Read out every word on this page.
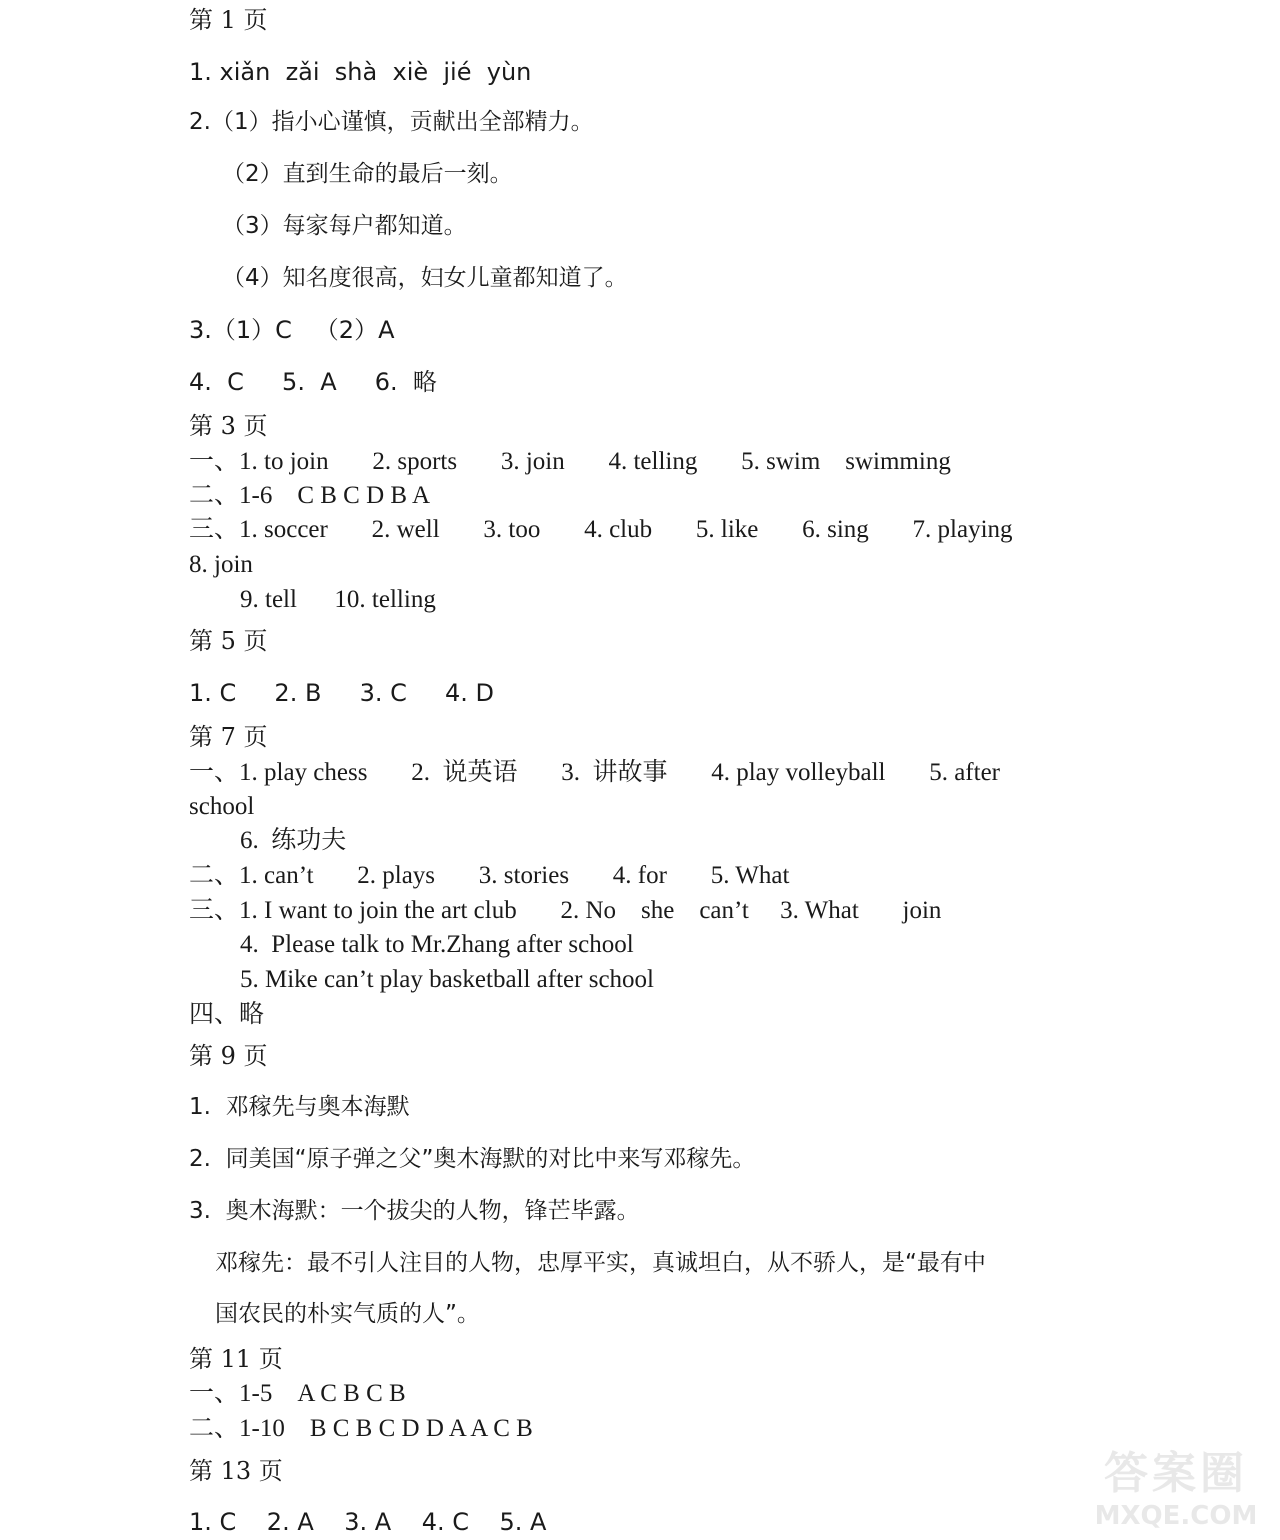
第 1 页
1. xiǎn  zǎi  shà  xiè  jié  yùn
2.（1）指小心谨慎，贡献出全部精力。
（2）直到生命的最后一刻。
（3）每家每户都知道。
（4）知名度很高，妇女儿童都知道了。
3.（1）C   （2）A
4.  C     5.  A     6.  略
第 3 页
一、1. to join       2. sports       3. join       4. telling       5. swim    swimming
二、1-6    C B C D B A
三、1. soccer       2. well       3. too       4. club       5. like       6. sing       7. playing
8. join
9. tell      10. telling
第 5 页
1. C     2. B     3. C     4. D
第 7 页
一、1. play chess       2.  说英语       3.  讲故事       4. play volleyball       5. after
school
6.  练功夫
二、1. can’t       2. plays       3. stories       4. for       5. What
三、1. I want to join the art club       2. No    she    can’t     3. What       join
4.  Please talk to Mr.Zhang after school
5. Mike can’t play basketball after school
四、略
第 9 页
1.  邓稼先与奥本海默
2.  同美国“原子弹之父”奥木海默的对比中来写邓稼先。
3.  奥木海默：一个拔尖的人物，锋芒毕露。
邓稼先：最不引人注目的人物，忠厚平实，真诚坦白，从不骄人，是“最有中
国农民的朴实气质的人”。
第 11 页
一、1-5    A C B C B
二、1-10    B C B C D D A A C B
第 13 页
1. C    2. A    3. A    4. C    5. A
答案圈
MXQE.COM
